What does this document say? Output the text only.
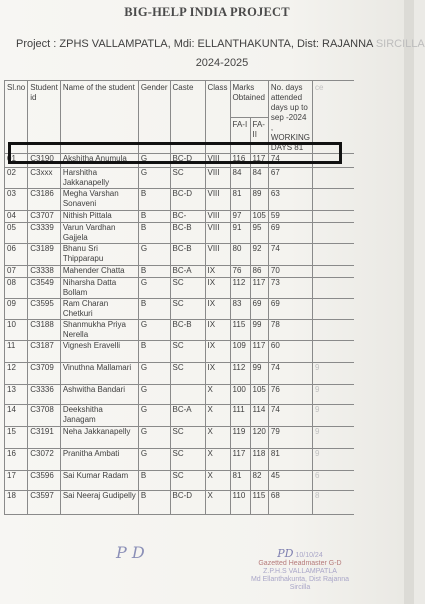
BIG-HELP INDIA PROJECT
Project : ZPHS VALLAMPATLA, Mdi: ELLANTHAKUNTA, Dist: RAJANNA SIRCILLA
2024-2025
Sl.no	Student id	Name of the student	Gender	Caste	Class	Marks Obtained		No. days attended days up to sep -2024 , WORKING DAYS 81	ce
						FA-I	FA-II		
01	C3190	Akshitha Anumula	G	BC-D	VIII	116	117	74	
02	C3xxx	Harshitha Jakkanapelly	G	SC	VIII	84	84	67	
03	C3186	Megha Varshan Sonaveni	B	BC-D	VIII	81	89	63	
04	C3707	Nithish Pittala	B	BC-	VIII	97	105	59	
05	C3339	Varun Vardhan Gajjela	B	BC-B	VIII	91	95	69	
06	C3189	Bhanu Sri Thipparapu	G	BC-B	VIII	80	92	74	
07	C3338	Mahender Chatta	B	BC-A	IX	76	86	70	
08	C3549	Niharsha Datta Bollam	G	SC	IX	112	117	73	
09	C3595	Ram Charan Chetkuri	B	SC	IX	83	69	69	
10	C3188	Shanmukha Priya Nerella	G	BC-B	IX	115	99	78	
11	C3187	Vignesh Eravelli	B	SC	IX	109	117	60	
12	C3709	Vinuthna Mallamari	G	SC	IX	112	99	74	9
13	C3336	Ashwitha Bandari	G		X	100	105	76	9
14	C3708	Deekshitha Janagam	G	BC-A	X	111	114	74	9
15	C3191	Neha Jakkanapelly	G	SC	X	119	120	79	9
16	C3072	Pranitha Ambati	G	SC	X	117	118	81	9
17	C3596	Sai Kumar Radam	B	SC	X	81	82	45	6
18	C3597	Sai Neeraj Gudipelly	B	BC-D	X	110	115	68	8
P D	PD 10/10/24
Gazetted Headmaster G-D
Z.P.H.S VALLAMPATLA
Md Ellanthakunta, Dist Rajanna Sircilla
